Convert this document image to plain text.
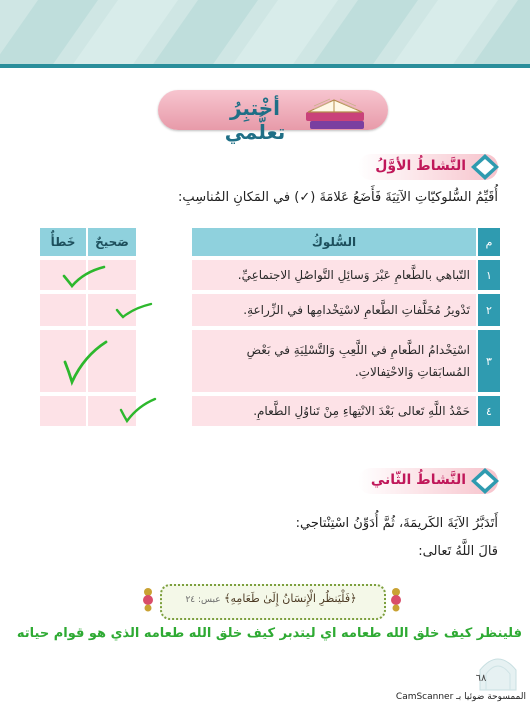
أخْتبِرُ تعلُّمي
النَّشاطُ الأوَّلُ
أُقَيِّمُ السُّلوكيّاتِ الآتِيَةَ فَأَضَعُ عَلامَةَ (✓) في المَكانِ المُناسِبِ:
م
السُّلوكُ
صَحيحٌ
خَطأٌ
١
التّباهي بالطَّعامِ عَبْرَ وَسائِلِ التَّواصُلِ الاجتماعِيِّ.
٢
تَدْويرُ مُخَلَّفاتِ الطَّعامِ لاسْتِخْدامِها في الزِّراعةِ.
٣
اسْتِخْدامُ الطَّعامِ في اللَّعِبِ وَالتَّسْلِيَةِ في بَعْضِ المُسابَقاتِ وَالاحْتِفالاتِ.
٤
حَمْدُ اللَّهِ تَعالى بَعْدَ الانْتِهاءِ مِنْ تَناوُلِ الطَّعامِ.
النَّشاطُ الثّاني
أَتَدَبَّرُ الآيَةَ الكَريمَةَ، ثُمَّ أُدَوِّنُ اسْتِنْتاجي:
قالَ اللَّهُ تَعالى:
﴿فَلْيَنظُرِ الْإِنسَانُ إِلَىٰ طَعَامِهِ﴾ عبس: ٢٤
فلينظر كيف خلق الله طعامه اي ليتدبر كيف خلق الله طعامه الذي هو قوام حياته
٦٨
الممسوحة ضوئيا بـ CamScanner
